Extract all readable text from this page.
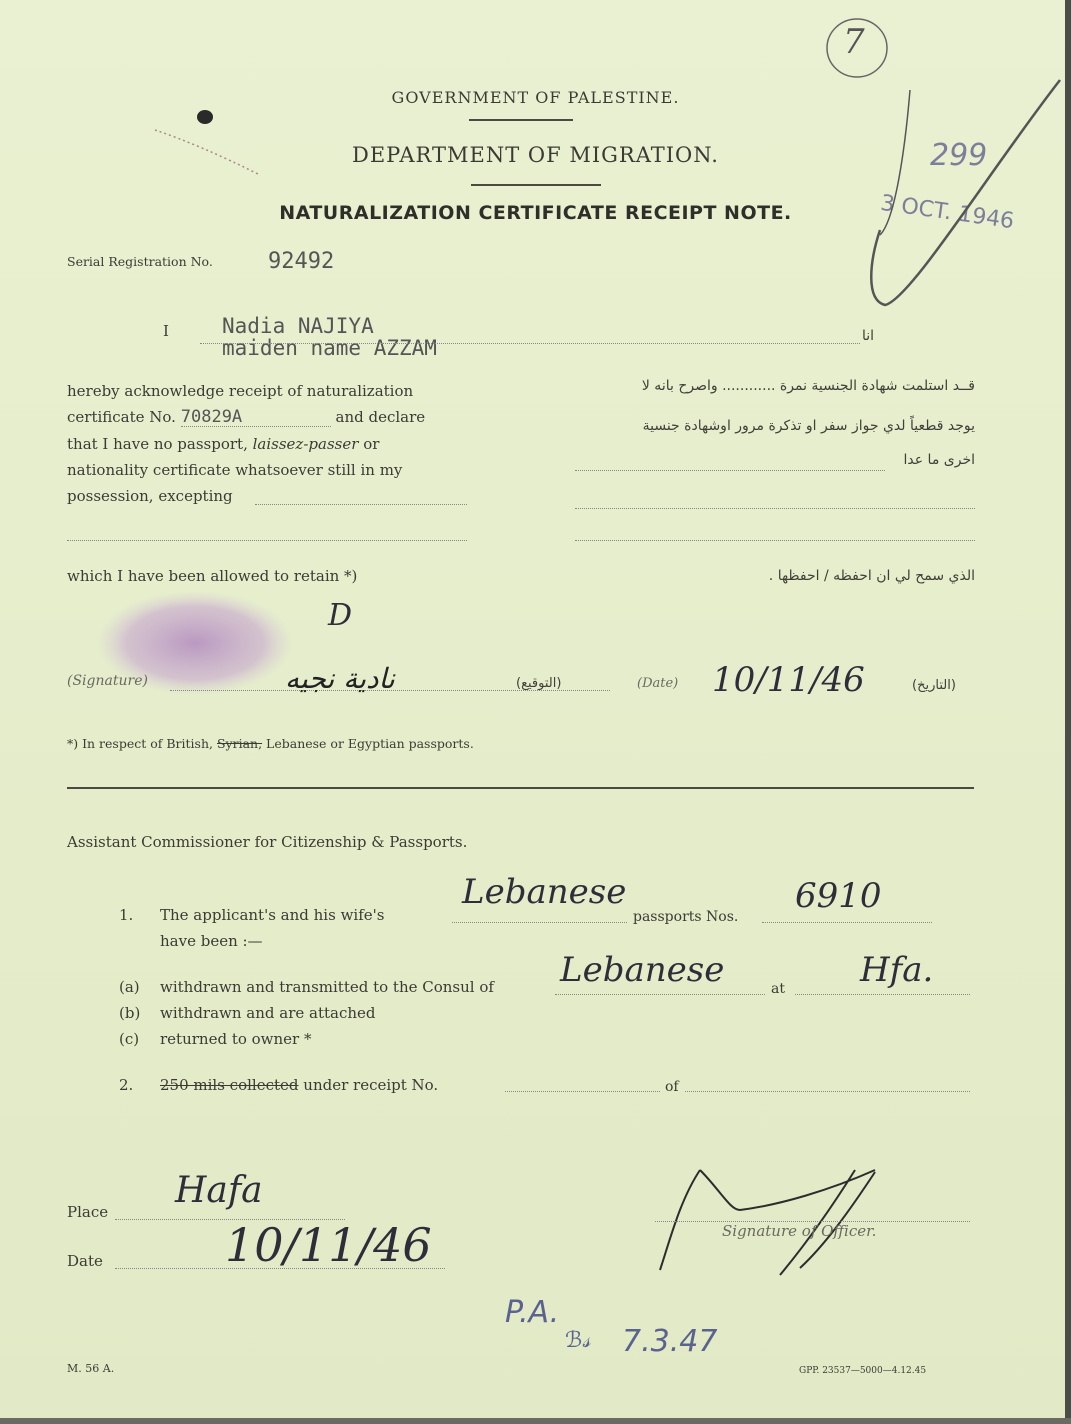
7
299
3 OCT. 1946
GOVERNMENT OF PALESTINE.
DEPARTMENT OF MIGRATION.
NATURALIZATION CERTIFICATE RECEIPT NOTE.
Serial Registration No.	92492
I	Nadia NAJIYA
maiden name AZZAM	انا
hereby acknowledge receipt of naturalization
certificate No. 70829A	and declare
that I have no passport, laissez-passer or
nationality certificate whatsoever still in my
possession, excepting
قــد استلمت شهادة الجنسية نمرة ............ واصرح بانه لا
يوجد قطعياً لدي جواز سفر او تذكرة مرور اوشهادة جنسية
اخرى ما عدا
which I have been allowed to retain *)	الذي سمح لي ان احفظه / احفظها .
D
(Signature)	نادية نجيه	(التوقيع)	(Date) 10/11/46	(التاريخ)
*) In respect of British, Syrian, Lebanese or Egyptian passports.
Assistant Commissioner for Citizenship & Passports.
1. The applicant's and his wife's
Lebanese
passports Nos.
6910
have been :—
(a) withdrawn and transmitted to the Consul of Lebanese	at Hfa.
(b) withdrawn and are attached
(c) returned to owner *
2. 250 mils collected under receipt No.	of
Place
Hafa
Date	10/11/46	Signature of Officer.
P.A.
ℬ𝓈 7.3.47
M. 56 A.	GPP. 23537—5000—4.12.45
